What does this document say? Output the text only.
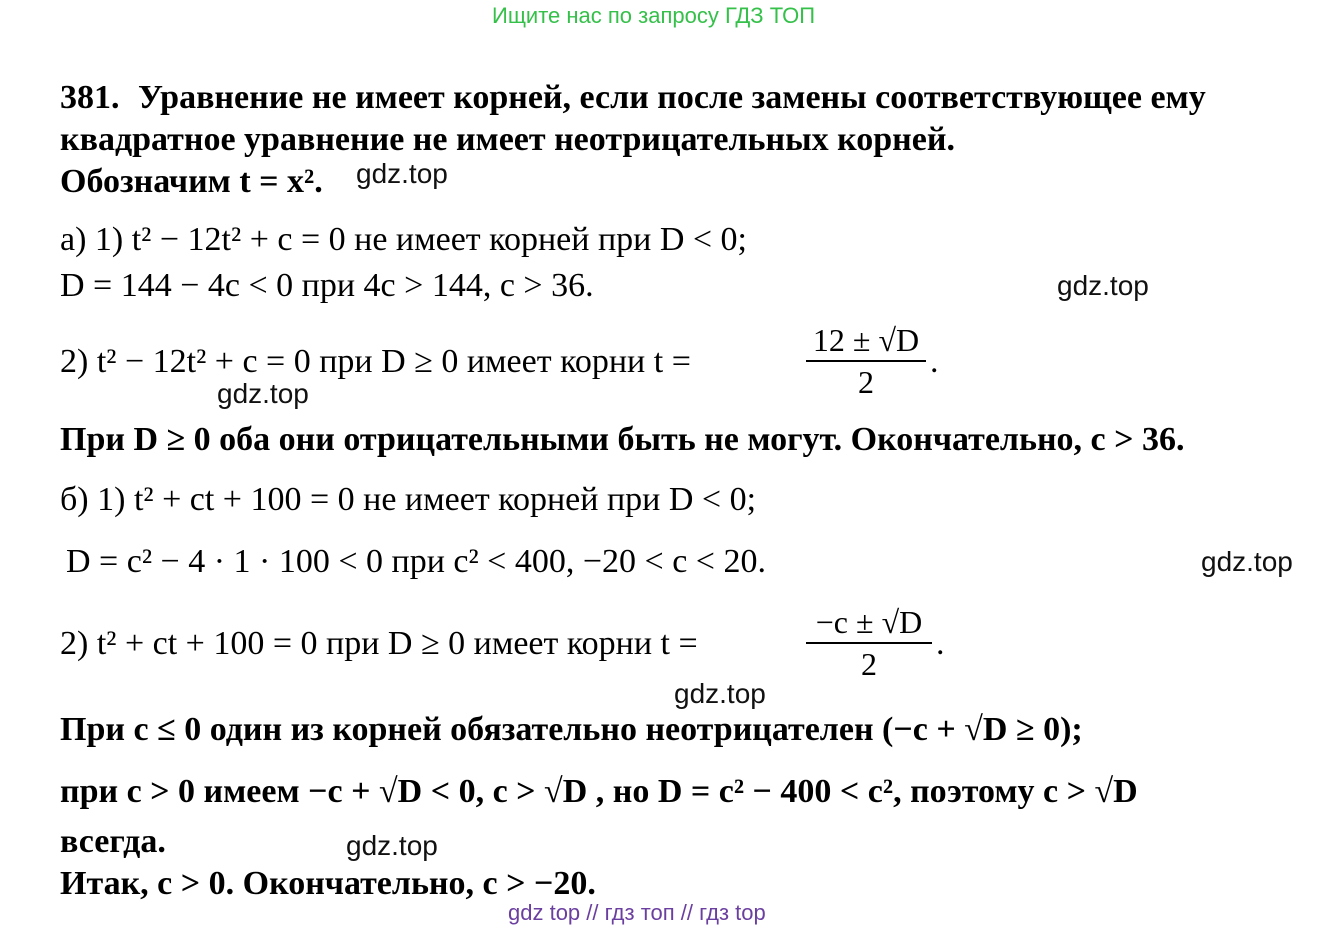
Ищите нас по запросу ГДЗ ТОП
381. Уравнение не имеет корней, если после замены соответствующее ему
квадратное уравнение не имеет неотрицательных корней.
Обозначим t = x². gdz.top
а) 1) t² − 12t² + c = 0 не имеет корней при D < 0;
D = 144 − 4c < 0 при 4c > 144, c > 36.	gdz.top
2) t² − 12t² + c = 0 при D ≥ 0 имеет корни t =
12 ± √D
2
.
gdz.top
При D ≥ 0 оба они отрицательными быть не могут. Окончательно, c > 36.
б) 1) t² + ct + 100 = 0 не имеет корней при D < 0;
D = c² − 4 · 1 · 100 < 0 при c² < 400, −20 < c < 20.	gdz.top
2) t² + ct + 100 = 0 при D ≥ 0 имеет корни t =
−c ± √D
2
.
gdz.top
При c ≤ 0 один из корней обязательно неотрицателен (−c + √D ≥ 0);
при c > 0 имеем −c + √D < 0, c > √D , но D = c² − 400 < c², поэтому c > √D
всегда.	gdz.top
Итак, c > 0. Окончательно, c > −20.
gdz top // гдз топ // гдз top
